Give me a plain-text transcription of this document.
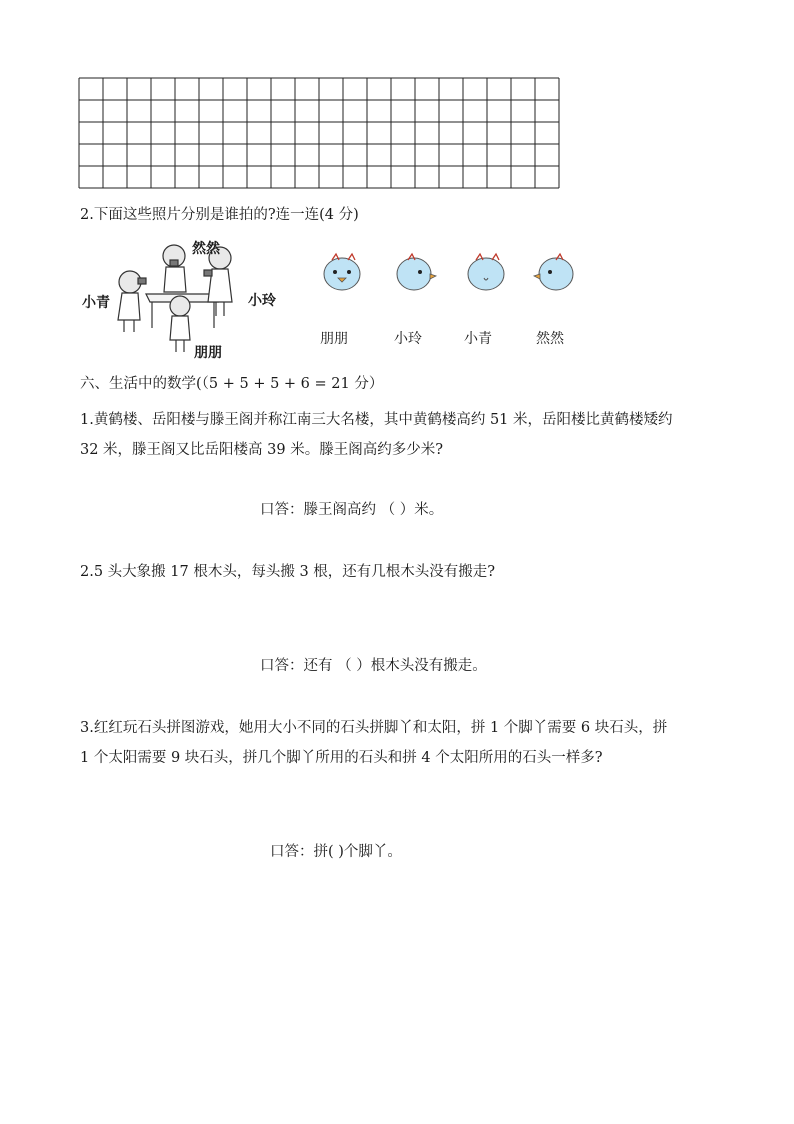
2.下面这些照片分别是谁拍的?连一连(4 分)
然然
小青	小玲
朋朋
朋朋	小玲	小青	然然
六、生活中的数学(（5 + 5 + 5 + 6 = 21 分）
1.黄鹤楼、岳阳楼与滕王阁并称江南三大名楼，其中黄鹤楼高约 51 米，岳阳楼比黄鹤楼矮约
32 米，滕王阁又比岳阳楼高 39 米。滕王阁高约多少米?
口答：滕王阁高约 （ ）米。
2.5 头大象搬 17 根木头，每头搬 3 根，还有几根木头没有搬走?
口答：还有 （ ）根木头没有搬走。
3.红红玩石头拼图游戏，她用大小不同的石头拼脚丫和太阳，拼 1 个脚丫需要 6 块石头，拼
1 个太阳需要 9 块石头，拼几个脚丫所用的石头和拼 4 个太阳所用的石头一样多?
口答：拼( )个脚丫。
